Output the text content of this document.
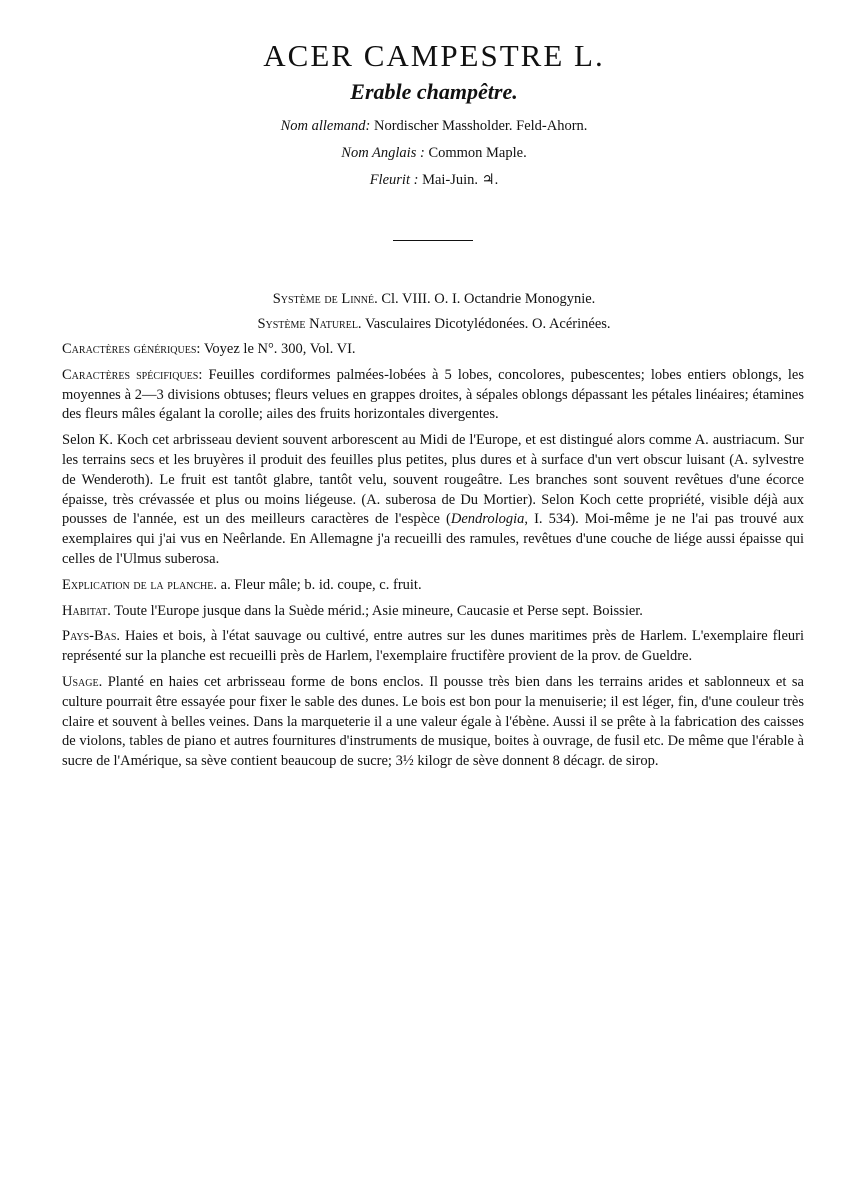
ACER CAMPESTRE L.
Erable champêtre.
Nom allemand: Nordischer Massholder. Feld-Ahorn.
Nom Anglais : Common Maple.
Fleurit : Mai-Juin. ♃.
Système de Linné. Cl. VIII. O. I. Octandrie Monogynie.
Système Naturel. Vasculaires Dicotylédonées. O. Acérinées.

Caractères génériques: Voyez le N°. 300, Vol. VI.

Caractères spécifiques: Feuilles cordiformes palmées-lobées à 5 lobes, concolores, pubescentes; lobes entiers oblongs, les moyennes à 2—3 divisions obtuses; fleurs velues en grappes droites, à sépales oblongs dépassant les pétales linéaires; étamines des fleurs mâles égalant la corolle; ailes des fruits horizontales divergentes.

Selon K. Koch cet arbrisseau devient souvent arborescent au Midi de l'Europe, et est distingué alors comme A. austriacum. Sur les terrains secs et les bruyères il produit des feuilles plus petites, plus dures et à surface d'un vert obscur luisant (A. sylvestre de Wenderoth). Le fruit est tantôt glabre, tantôt velu, souvent rougeâtre. Les branches sont souvent revêtues d'une écorce épaisse, très crévassée et plus ou moins liégeuse. (A. suberosa de Du Mortier). Selon Koch cette propriété, visible déjà aux pousses de l'année, est un des meilleurs caractères de l'espèce (Dendrologia, I. 534). Moi-même je ne l'ai pas trouvé aux exemplaires qui j'ai vus en Neêrlande. En Allemagne j'a recueilli des ramules, revêtues d'une couche de liége aussi épaisse qui celles de l'Ulmus suberosa.

Explication de la planche. a. Fleur mâle; b. id. coupe, c. fruit.

Habitat. Toute l'Europe jusque dans la Suède mérid.; Asie mineure, Caucasie et Perse sept. Boissier.

Pays-Bas. Haies et bois, à l'état sauvage ou cultivé, entre autres sur les dunes maritimes près de Harlem. L'exemplaire fleuri représenté sur la planche est recueilli près de Harlem, l'exemplaire fructifère provient de la prov. de Gueldre.

Usage. Planté en haies cet arbrisseau forme de bons enclos. Il pousse très bien dans les terrains arides et sablonneux et sa culture pourrait être essayée pour fixer le sable des dunes. Le bois est bon pour la menuiserie; il est léger, fin, d'une couleur très claire et souvent à belles veines. Dans la marqueterie il a une valeur égale à l'ébène. Aussi il se prête à la fabrication des caisses de violons, tables de piano et autres fournitures d'instruments de musique, boites à ouvrage, de fusil etc. De même que l'érable à sucre de l'Amérique, sa sève contient beaucoup de sucre; 3½ kilogr de sève donnent 8 décagr. de sirop.
